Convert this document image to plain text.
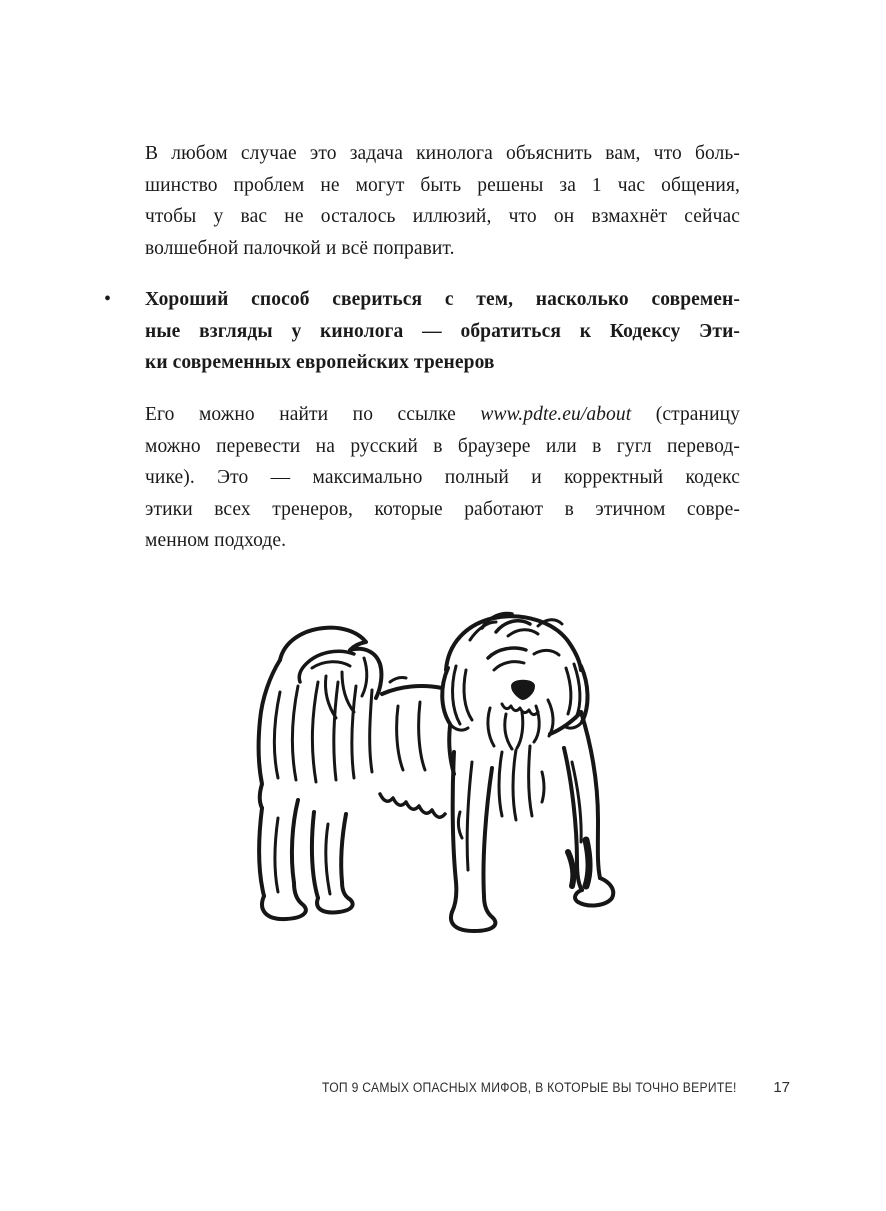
В любом случае это задача кинолога объяснить вам, что боль-
шинство проблем не могут быть решены за 1 час общения,
чтобы у вас не осталось иллюзий, что он взмахнёт сейчас
волшебной палочкой и всё поправит.
• Хороший способ свериться с тем, насколько современ-
ные взгляды у кинолога — обратиться к Кодексу Эти-
ки современных европейских тренеров
Его можно найти по ссылке www.pdte.eu/about (страницу
можно перевести на русский в браузере или в гугл перевод-
чике). Это — максимально полный и корректный кодекс
этики всех тренеров, которые работают в этичном совре-
менном подходе.
ТОП 9 САМЫХ ОПАСНЫХ МИФОВ, В КОТОРЫЕ ВЫ ТОЧНО ВЕРИТЕ! 17
